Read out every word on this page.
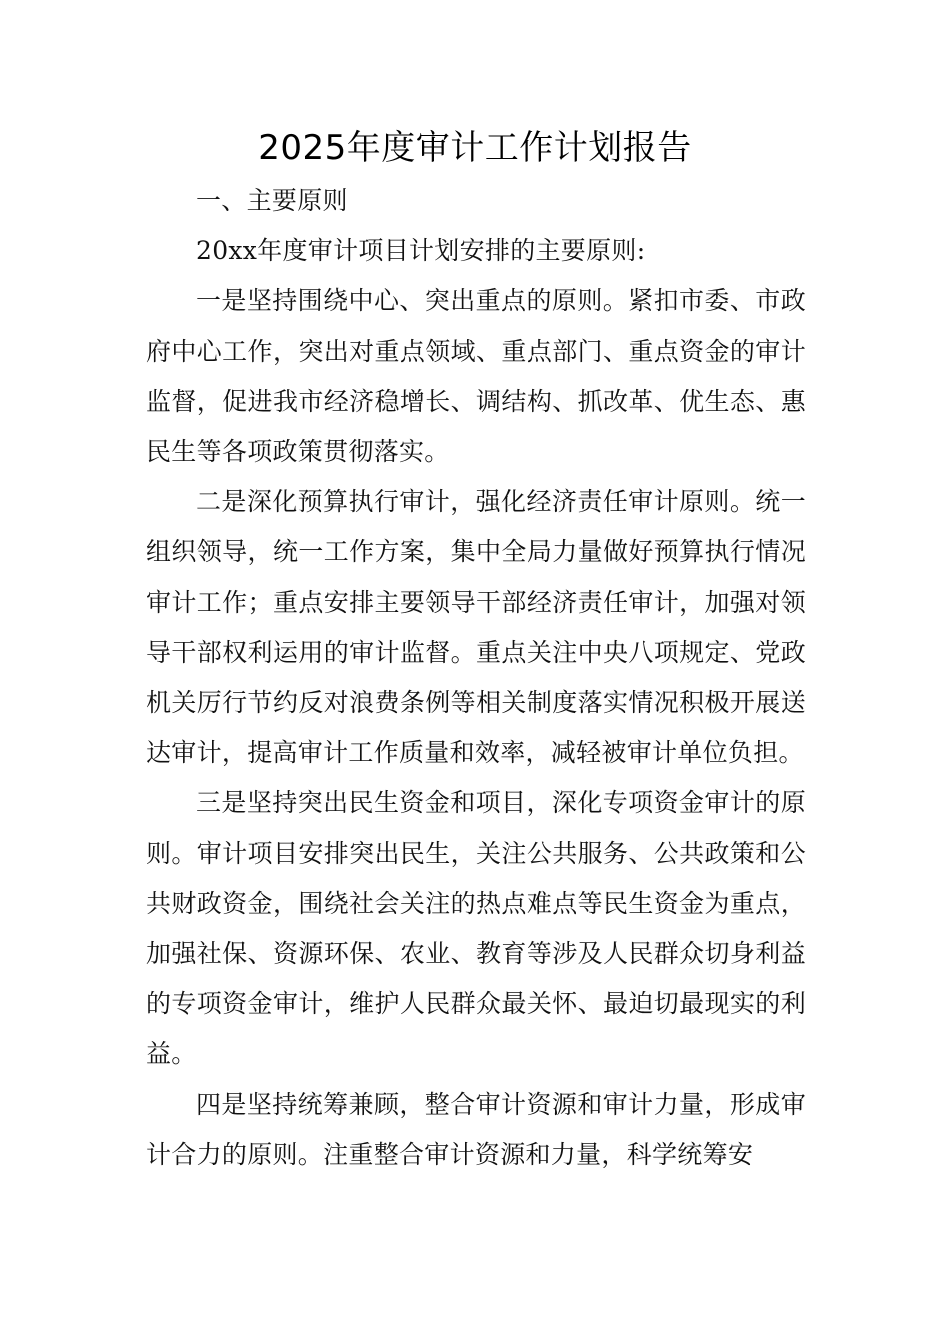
2025年度审计工作计划报告

一、主要原则

20xx年度审计项目计划安排的主要原则:

一是坚持围绕中心、突出重点的原则。紧扣市委、市政府中心工作，突出对重点领域、重点部门、重点资金的审计监督，促进我市经济稳增长、调结构、抓改革、优生态、惠民生等各项政策贯彻落实。

二是深化预算执行审计，强化经济责任审计原则。统一组织领导，统一工作方案，集中全局力量做好预算执行情况审计工作；重点安排主要领导干部经济责任审计，加强对领导干部权利运用的审计监督。重点关注中央八项规定、党政机关厉行节约反对浪费条例等相关制度落实情况积极开展送达审计，提高审计工作质量和效率，减轻被审计单位负担。

三是坚持突出民生资金和项目，深化专项资金审计的原则。审计项目安排突出民生，关注公共服务、公共政策和公共财政资金，围绕社会关注的热点难点等民生资金为重点，加强社保、资源环保、农业、教育等涉及人民群众切身利益的专项资金审计，维护人民群众最关怀、最迫切最现实的利益。

四是坚持统筹兼顾，整合审计资源和审计力量，形成审计合力的原则。注重整合审计资源和力量，科学统筹安
